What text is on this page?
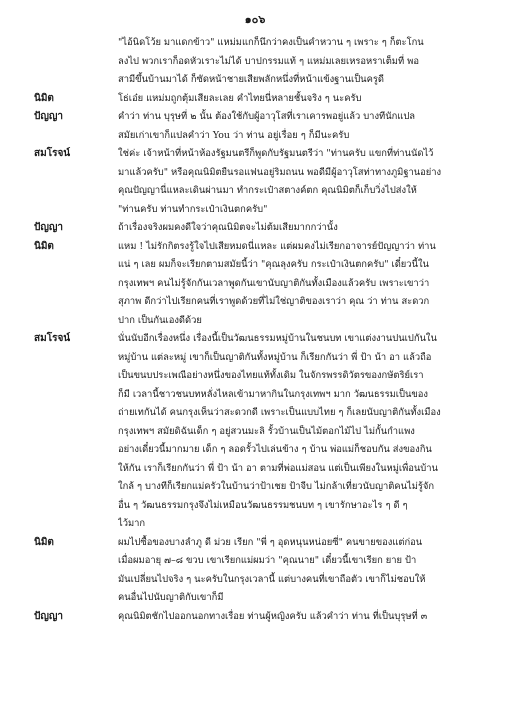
๑๐๖
"ไอ้นิดโว้ย มาแดกข้าว" แหม่มแกก็นึกว่าคงเป็นคำหวาน ๆ เพราะ ๆ ก็ตะโกน
ลงไป พวกเราก็อดหัวเราะไม่ได้ บาปกรรมแท้ ๆ แหม่มเลยเหรอหราเต็มที่ พอ
สามีขึ้นบ้านมาได้ ก็ซัดหน้าชายเสียพลักหนึ่งที่หน้าแข้งฐานเป็นครูดี
นิมิต	โธ่เอ๋ย แหม่มถูกตุ้มเสียละเลย คำไทยนี่หลายชั้นจริง ๆ นะครับ
ปัญญา	คำว่า ท่าน บุรุษที่ ๒ นั้น ต้องใช้กับผู้อาวุโสที่เราเคารพอยู่แล้ว บางทีนักแปล
สมัยเก่าเขาก็แปลคำว่า You ว่า ท่าน อยู่เรื่อย ๆ ก็มีนะครับ
สมโรจน์	ใช่ค่ะ เจ้าหน้าที่หน้าห้องรัฐมนตรีก็พูดกับรัฐมนตรีว่า "ท่านครับ แขกที่ท่านนัดไว้
มาแล้วครับ" หรือคุณนิมิตยืนรอแฟนอยู่ริมถนน พอดีมีผู้อาวุโสท่าทางภูมิฐานอย่าง
คุณปัญญานี่แหละเดินผ่านมา ทำกระเป๋าสตางค์ตก คุณนิมิตก็เก็บวิ่งไปส่งให้
"ท่านครับ ท่านทำกระเป๋าเงินตกครับ"
ปัญญา	ถ้าเรื่องจริงผมคงดีใจว่าคุณนิมิตจะไม่ต้มเสียมากกว่านั้ง
นิมิต	แหม ! ไม่รักกิตรงรู้ใจไปเสียหมดนี่แหละ แต่ผมคงไม่เรียกอาจารย์ปัญญาว่า ท่าน
แน่ ๆ เลย ผมก็จะเรียกตามสมัยนี้ว่า "คุณลุงครับ กระเป๋าเงินตกครับ" เดี๋ยวนี้ใน
กรุงเทพฯ คนไม่รู้จักกันเวลาพูดกันเขานับญาติกันทั้งเมืองแล้วครับ เพราะเขาว่า
สุภาพ ดีกว่าไปเรียกคนที่เราพูดด้วยที่ไม่ใช่ญาติของเราว่า คุณ ว่า ท่าน สะดวก
ปาก เป็นกันเองดีด้วย
สมโรจน์	นั่นนับอีกเรื่องหนึ่ง เรื่องนี้เป็นวัฒนธรรมหมู่บ้านในชนบท เขาแต่งงานปนเปกันใน
หมู่บ้าน แต่ละหมู่ เขาก็เป็นญาติกันทั้งหมู่บ้าน ก็เรียกกันว่า พี่ ป้า น้า อา แล้วถือ
เป็นขนบประเพณีอย่างหนึ่งของไทยแท้ทั้งเดิม ในจักรพรรดิวัตรของกษัตริย์เรา
ก็มี เวลานี้ชาวชนบทหลั่งไหลเข้ามาหากินในกรุงเทพฯ มาก วัฒนธรรมเป็นของ
ถ่ายเทกันได้ คนกรุงเห็นว่าสะดวกดี เพราะเป็นแบบไทย ๆ ก็เลยนับญาติกันทั้งเมือง
กรุงเทพฯ สมัยดิฉันเด็ก ๆ อยู่สวนมะลิ รั้วบ้านเป็นไม้ตอกไม้ไป ไม่กั้นกำแพง
อย่างเดี๋ยวนี้มากมาย เด็ก ๆ ลอดรั้วไปเล่นข้าง ๆ บ้าน พ่อแม่ก็ชอบกัน ส่งของกิน
ให้กัน เราก็เรียกกันว่า พี่ ป้า น้า อา ตามที่พ่อแม่สอน แต่เป็นเพียงในหมู่เพื่อนบ้าน
ใกล้ ๆ บางทีก็เรียกแม่ครัวในบ้านว่าป้าเชย ป้าจีบ ไม่กล้าเที่ยวนับญาติคนไม่รู้จัก
อื่น ๆ วัฒนธรรมกรุงจึงไม่เหมือนวัฒนธรรมชนบท ๆ เขารักษาอะไร ๆ ดี ๆ
ไว้มาก
นิมิต	ผมไปซื้อของบางลำภู ดี ม่วย เรียก "พี่ ๆ อุดหนุนหน่อยซี่" คนขายของแต่ก่อน
เมื่อผมอายุ ๗–๘ ขวบ เขาเรียกแม่ผมว่า "คุณนาย" เดี๋ยวนี้เขาเรียก ยาย ป้า
มันเปลี่ยนไปจริง ๆ นะครับในกรุงเวลานี้ แต่บางคนที่เขาถือตัว เขาก็ไม่ชอบให้
คนอื่นไปนับญาติกับเขาก็มี
ปัญญา	คุณนิมิตชักไปออกนอกทางเรื่อย ท่านผู้หญิงครับ แล้วคำว่า ท่าน ที่เป็นบุรุษที่ ๓
